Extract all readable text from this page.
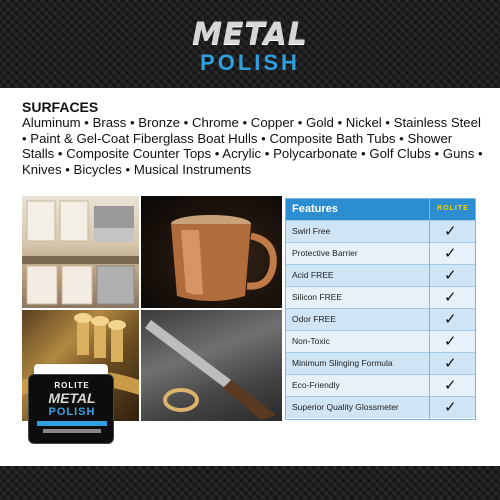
METAL
POLISH
SURFACES
Aluminum • Brass • Bronze • Chrome • Copper • Gold • Nickel • Stainless Steel • Paint & Gel-Coat Fiberglass Boat Hulls • Composite Bath Tubs • Shower Stalls • Composite Counter Tops • Acrylic • Polycarbonate • Golf Clubs • Guns • Knives • Bicycles • Musical Instruments
ROLITE
METAL
POLISH
Features	ROLITE
Swirl Free	✓
Protective Barrier	✓
Acid FREE	✓
Silicon FREE	✓
Odor FREE	✓
Non-Toxic	✓
Minimum Slinging Formula	✓
Eco-Friendly	✓
Superior Quality Glossmeter	✓
